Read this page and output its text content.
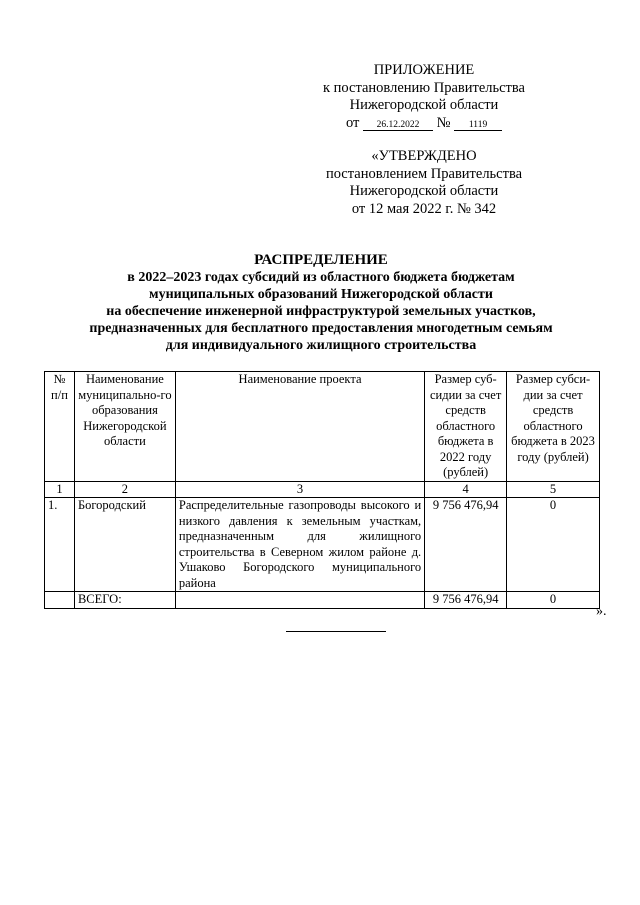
ПРИЛОЖЕНИЕ
к постановлению Правительства
Нижегородской области
от 26.12.2022 № 1119
«УТВЕРЖДЕНО
постановлением Правительства
Нижегородской области
от 12 мая 2022 г. № 342
РАСПРЕДЕЛЕНИЕ
в 2022–2023 годах субсидий из областного бюджета бюджетам
муниципальных образований Нижегородской области
на обеспечение инженерной инфраструктурой земельных участков,
предназначенных для бесплатного предоставления многодетным семьям
для индивидуального жилищного строительства
№ п/п	Наименование муниципально-го образования Нижегородской области	Наименование проекта	Размер суб-сидии за счет средств областного бюджета в 2022 году (рублей)	Размер субси-дии за счет средств областного бюджета в 2023 году (рублей)
1	2	3	4	5
1.	Богородский	Распределительные газопроводы высокого и низкого давления к земельным участкам, предназначенным для жилищного строительства в Северном жилом районе д. Ушаково Богородского муниципального района	9 756 476,94	0
	ВСЕГО:		9 756 476,94	0
».
